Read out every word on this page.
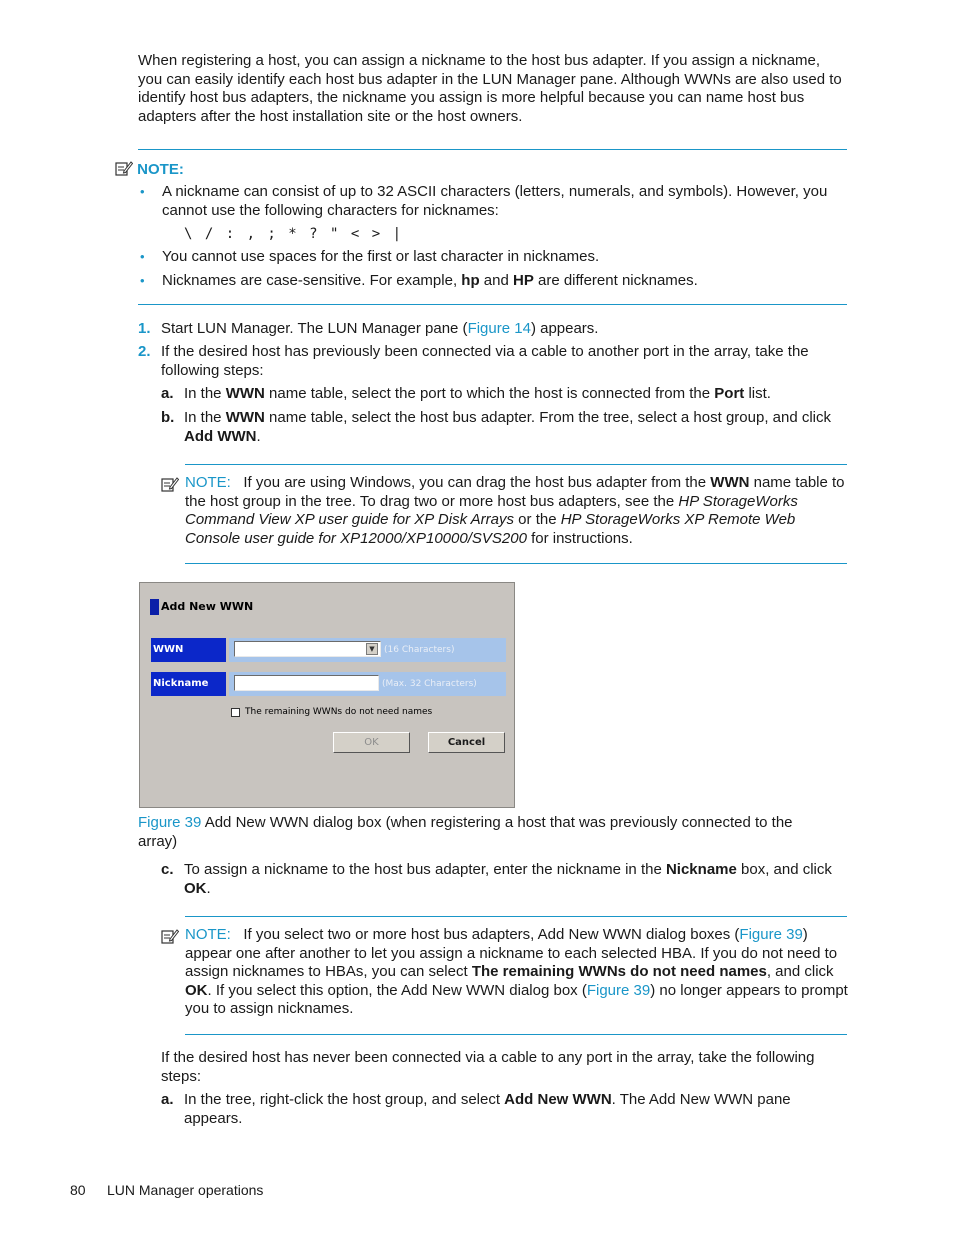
When registering a host, you can assign a nickname to the host bus adapter. If you assign a nickname, you can easily identify each host bus adapter in the LUN Manager pane. Although WWNs are also used to identify host bus adapters, the nickname you assign is more helpful because you can name host bus adapters after the host installation site or the host owners.

NOTE:
• A nickname can consist of up to 32 ASCII characters (letters, numerals, and symbols). However, you cannot use the following characters for nicknames:

\ / : , ; * ? " < > |

• You cannot use spaces for the first or last character in nicknames.

• Nicknames are case-sensitive. For example, hp and HP are different nicknames.

1. Start LUN Manager. The LUN Manager pane (Figure 14) appears.

2. If the desired host has previously been connected via a cable to another port in the array, take the following steps:

a. In the WWN name table, select the port to which the host is connected from the Port list.

b. In the WWN name table, select the host bus adapter. From the tree, select a host group, and click Add WWN.

NOTE: If you are using Windows, you can drag the host bus adapter from the WWN name table to the host group in the tree. To drag two or more host bus adapters, see the HP StorageWorks Command View XP user guide for XP Disk Arrays or the HP StorageWorks XP Remote Web Console user guide for XP12000/XP10000/SVS200 for instructions.

Add New WWN
WWN	▼	(16 Characters)
Nickname	(Max. 32 Characters)
The remaining WWNs do not need names
OK	Cancel

Figure 39 Add New WWN dialog box (when registering a host that was previously connected to the array)

c. To assign a nickname to the host bus adapter, enter the nickname in the Nickname box, and click OK.

NOTE: If you select two or more host bus adapters, Add New WWN dialog boxes (Figure 39) appear one after another to let you assign a nickname to each selected HBA. If you do not need to assign nicknames to HBAs, you can select The remaining WWNs do not need names, and click OK. If you select this option, the Add New WWN dialog box (Figure 39) no longer appears to prompt you to assign nicknames.

If the desired host has never been connected via a cable to any port in the array, take the following steps:

a. In the tree, right-click the host group, and select Add New WWN. The Add New WWN pane appears.

80 LUN Manager operations
